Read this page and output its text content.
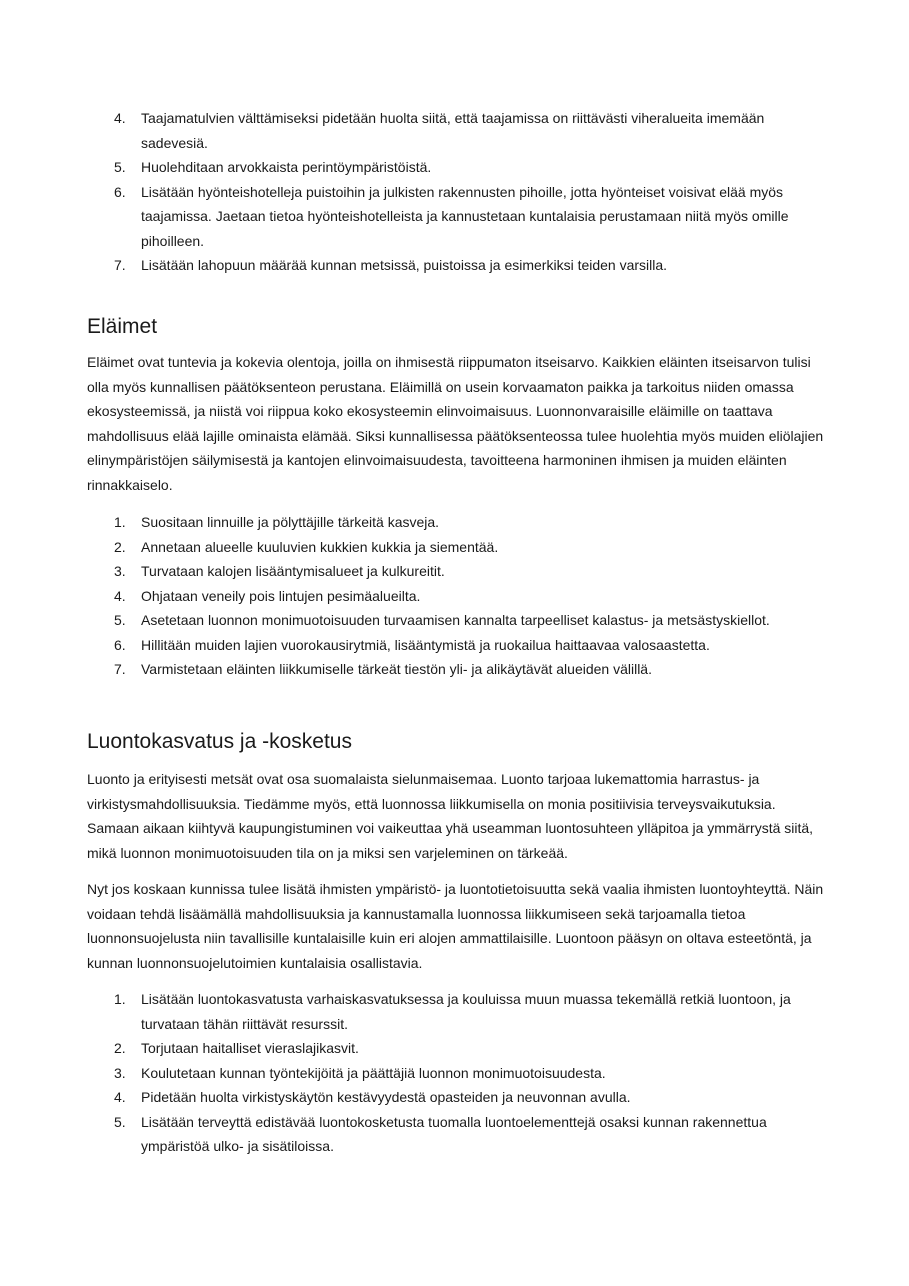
4. Taajamatulvien välttämiseksi pidetään huolta siitä, että taajamissa on riittävästi viheralueita imemään sadevesiä.
5. Huolehditaan arvokkaista perintöympäristöistä.
6. Lisätään hyönteishotelleja puistoihin ja julkisten rakennusten pihoille, jotta hyönteiset voisivat elää myös taajamissa. Jaetaan tietoa hyönteishotelleista ja kannustetaan kuntalaisia perustamaan niitä myös omille pihoilleen.
7. Lisätään lahopuun määrää kunnan metsissä, puistoissa ja esimerkiksi teiden varsilla.
Eläimet

Eläimet ovat tuntevia ja kokevia olentoja, joilla on ihmisestä riippumaton itseisarvo. Kaikkien eläinten itseisarvon tulisi olla myös kunnallisen päätöksenteon perustana. Eläimillä on usein korvaamaton paikka ja tarkoitus niiden omassa ekosysteemissä, ja niistä voi riippua koko ekosysteemin elinvoimaisuus. Luonnonvaraisille eläimille on taattava mahdollisuus elää lajille ominaista elämää. Siksi kunnallisessa päätöksenteossa tulee huolehtia myös muiden eliölajien elinympäristöjen säilymisestä ja kantojen elinvoimaisuudesta, tavoitteena harmoninen ihmisen ja muiden eläinten rinnakkaiselo.

1. Suositaan linnuille ja pölyttäjille tärkeitä kasveja.
2. Annetaan alueelle kuuluvien kukkien kukkia ja siementää.
3. Turvataan kalojen lisääntymisalueet ja kulkureitit.
4. Ohjataan veneily pois lintujen pesimäalueilta.
5. Asetetaan luonnon monimuotoisuuden turvaamisen kannalta tarpeelliset kalastus- ja metsästyskiellot.
6. Hillitään muiden lajien vuorokausirytmiä, lisääntymistä ja ruokailua haittaavaa valosaastetta.
7. Varmistetaan eläinten liikkumiselle tärkeät tiestön yli- ja alikäytävät alueiden välillä.
Luontokasvatus ja -kosketus

Luonto ja erityisesti metsät ovat osa suomalaista sielunmaisemaa. Luonto tarjoaa lukemattomia harrastus- ja virkistysmahdollisuuksia. Tiedämme myös, että luonnossa liikkumisella on monia positiivisia terveysvaikutuksia. Samaan aikaan kiihtyvä kaupungistuminen voi vaikeuttaa yhä useamman luontosuhteen ylläpitoa ja ymmärrystä siitä, mikä luonnon monimuotoisuuden tila on ja miksi sen varjeleminen on tärkeää.

Nyt jos koskaan kunnissa tulee lisätä ihmisten ympäristö- ja luontotietoisuutta sekä vaalia ihmisten luontoyhteyttä. Näin voidaan tehdä lisäämällä mahdollisuuksia ja kannustamalla luonnossa liikkumiseen sekä tarjoamalla tietoa luonnonsuojelusta niin tavallisille kuntalaisille kuin eri alojen ammattilaisille. Luontoon pääsyn on oltava esteetöntä, ja kunnan luonnonsuojelutoimien kuntalaisia osallistavia.

1. Lisätään luontokasvatusta varhaiskasvatuksessa ja kouluissa muun muassa tekemällä retkiä luontoon, ja turvataan tähän riittävät resurssit.
2. Torjutaan haitalliset vieraslajikasvit.
3. Koulutetaan kunnan työntekijöitä ja päättäjiä luonnon monimuotoisuudesta.
4. Pidetään huolta virkistyskäytön kestävyydestä opasteiden ja neuvonnan avulla.
5. Lisätään terveyttä edistävää luontokosketusta tuomalla luontoelementtejä osaksi kunnan rakennettua ympäristöä ulko- ja sisätiloissa.
